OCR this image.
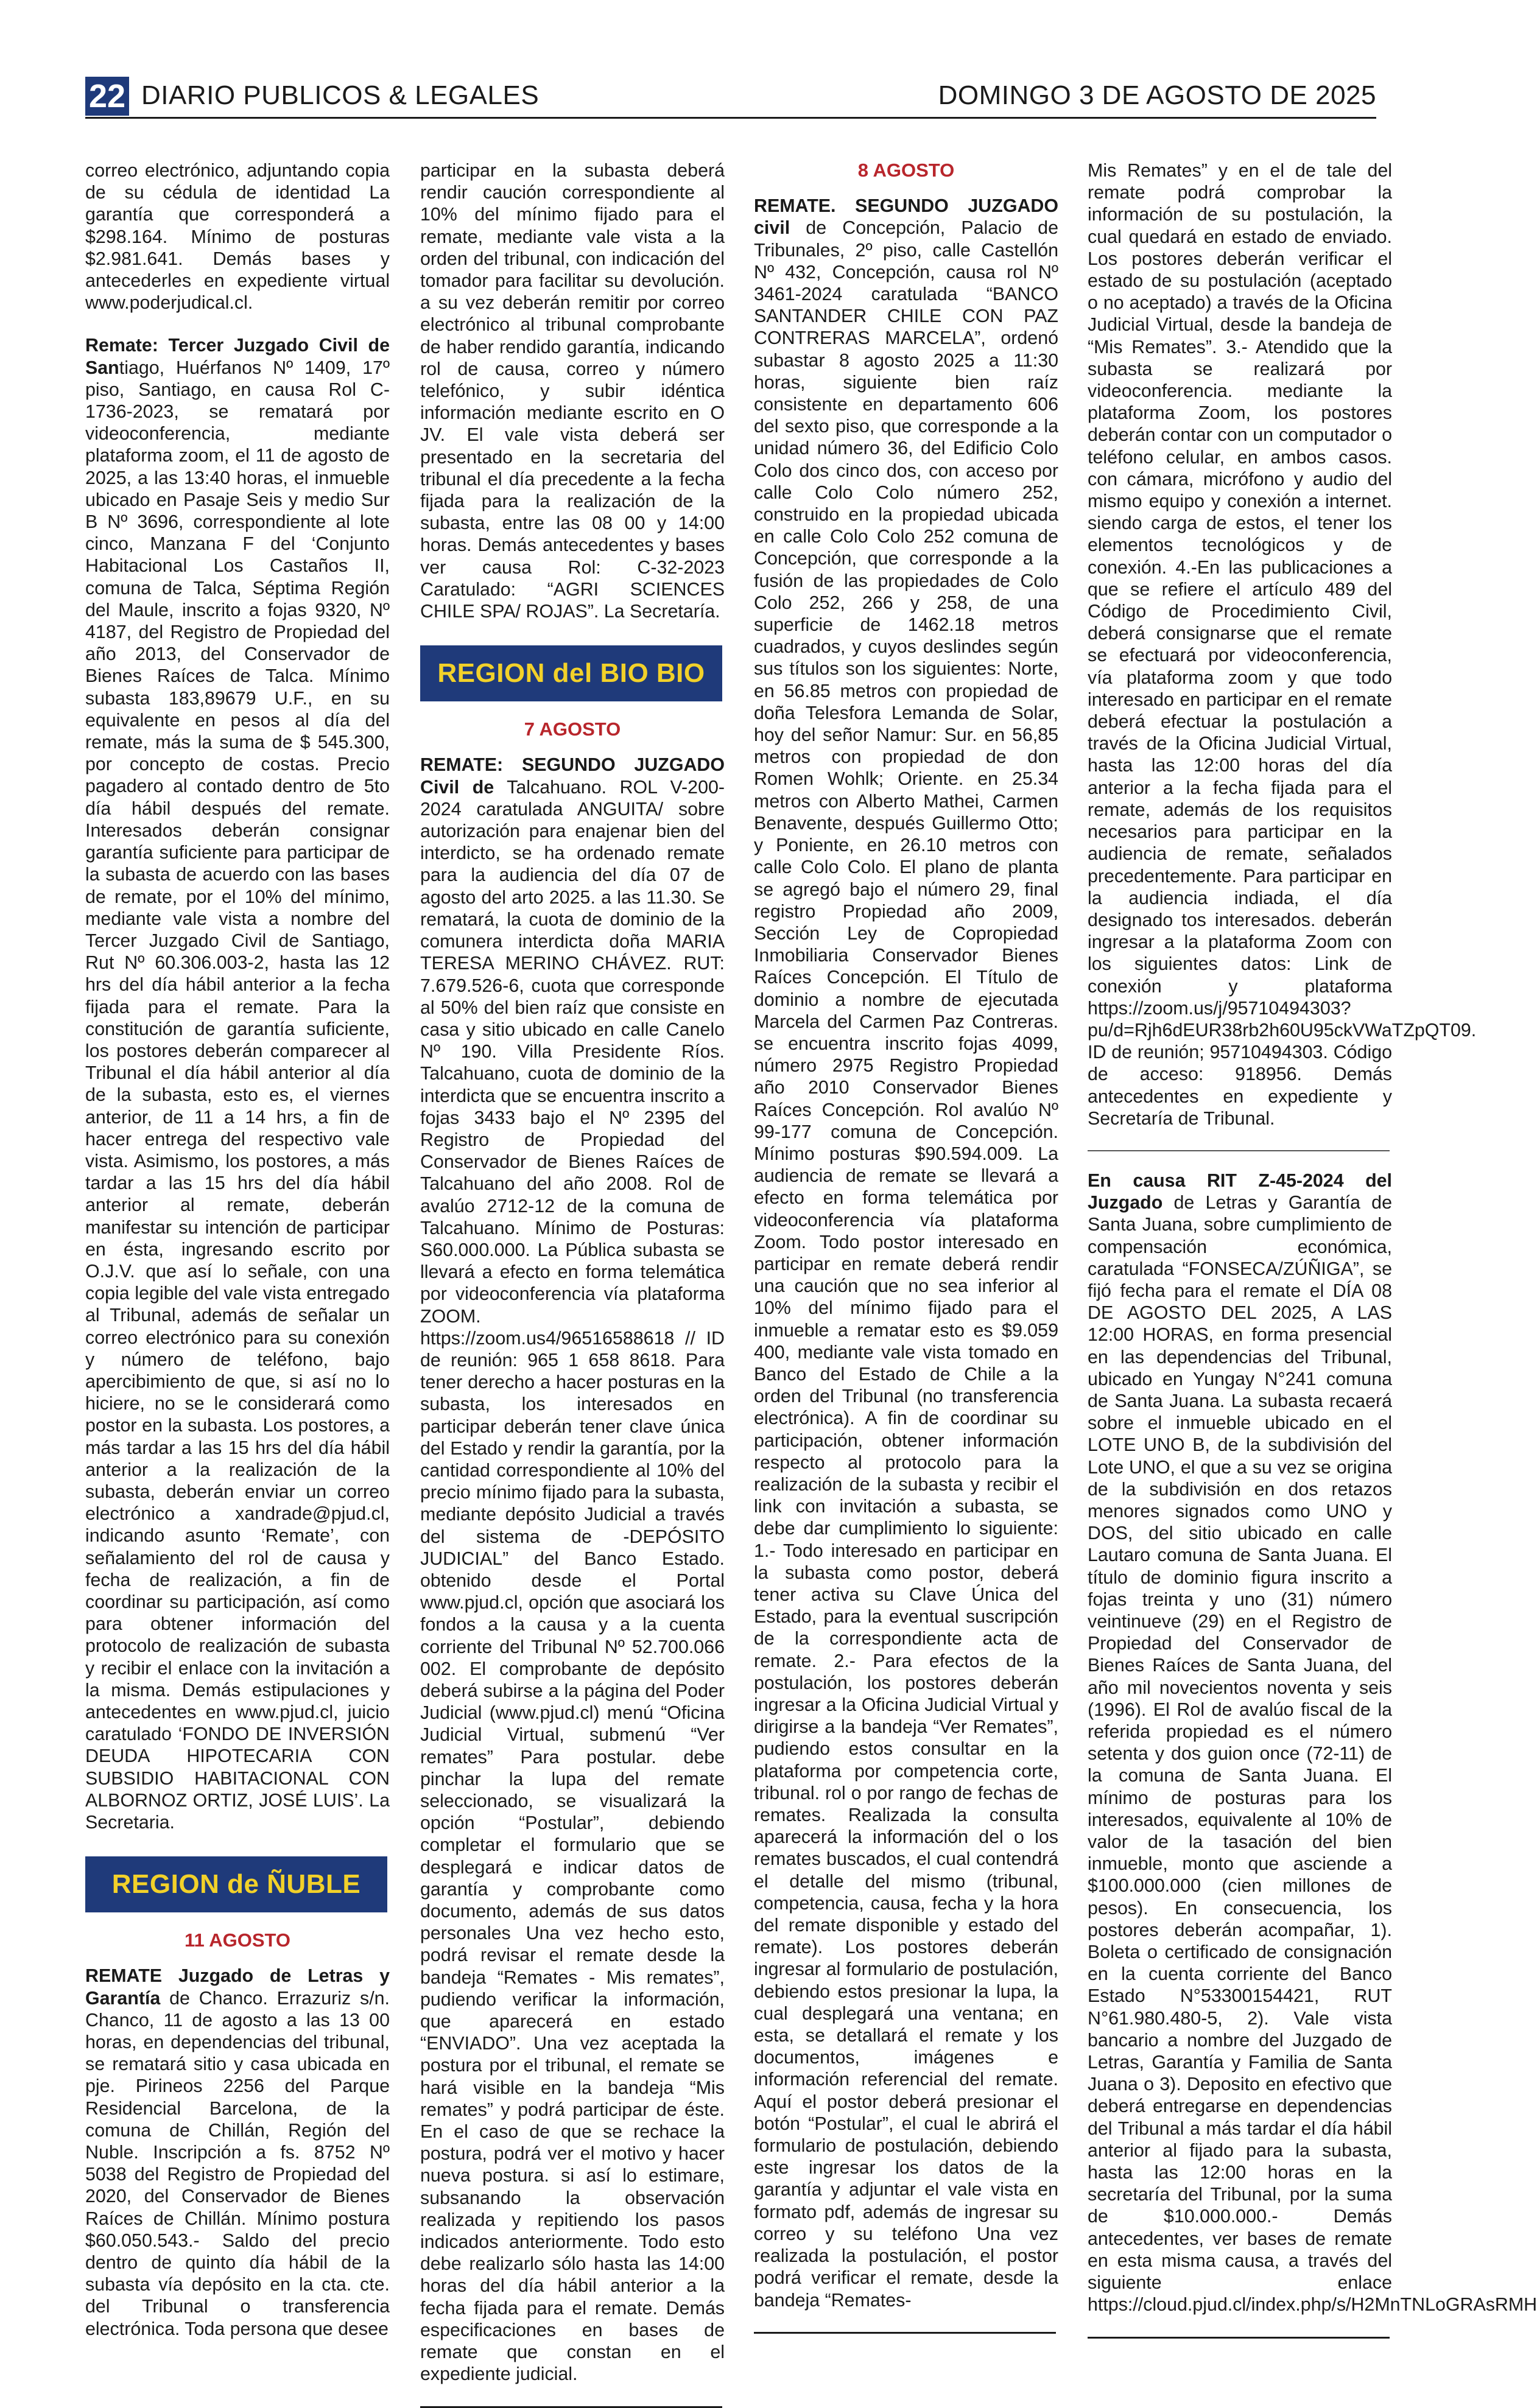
22 DIARIO PUBLICOS & LEGALES	DOMINGO 3 DE AGOSTO DE 2025

correo electrónico, adjuntando copia de su cédula de identidad La garantía que corresponderá a $298.164. Mínimo de posturas $2.981.641. Demás bases y antecederles en expediente virtual www.poderjudical.cl.

Remate: Tercer Juzgado Civil de Santiago, Huérfanos Nº 1409, 17º piso, Santiago, en causa Rol C-1736-2023, se rematará por videoconferencia, mediante plataforma zoom, el 11 de agosto de 2025, a las 13:40 horas, el inmueble ubicado en Pasaje Seis y medio Sur B Nº 3696, correspondiente al lote cinco, Manzana F del ‘Conjunto Habitacional Los Castaños II, comuna de Talca, Séptima Región del Maule, inscrito a fojas 9320, Nº 4187, del Registro de Propiedad del año 2013, del Conservador de Bienes Raíces de Talca. Mínimo subasta 183,89679 U.F., en su equivalente en pesos al día del remate, más la suma de $ 545.300, por concepto de costas. Precio pagadero al contado dentro de 5to día hábil después del remate. Interesados deberán consignar garantía suficiente para participar de la subasta de acuerdo con las bases de remate, por el 10% del mínimo, mediante vale vista a nombre del Tercer Juzgado Civil de Santiago, Rut Nº 60.306.003-2, hasta las 12 hrs del día hábil anterior a la fecha fijada para el remate. Para la constitución de garantía suficiente, los postores deberán comparecer al Tribunal el día hábil anterior al día de la subasta, esto es, el viernes anterior, de 11 a 14 hrs, a fin de hacer entrega del respectivo vale vista. Asimismo, los postores, a más tardar a las 15 hrs del día hábil anterior al remate, deberán manifestar su intención de participar en ésta, ingresando escrito por O.J.V. que así lo señale, con una copia legible del vale vista entregado al Tribunal, además de señalar un correo electrónico para su conexión y número de teléfono, bajo apercibimiento de que, si así no lo hiciere, no se le considerará como postor en la subasta. Los postores, a más tardar a las 15 hrs del día hábil anterior a la realización de la subasta, deberán enviar un correo electrónico a xandrade@pjud.cl, indicando asunto ‘Remate’, con señalamiento del rol de causa y fecha de realización, a fin de coordinar su participación, así como para obtener información del protocolo de realización de subasta y recibir el enlace con la invitación a la misma. Demás estipulaciones y antecedentes en www.pjud.cl, juicio caratulado ‘FONDO DE INVERSIÓN DEUDA HIPOTECARIA CON SUBSIDIO HABITACIONAL CON ALBORNOZ ORTIZ, JOSÉ LUIS’. La Secretaria.

REGION de ÑUBLE
11 AGOSTO

REMATE Juzgado de Letras y Garantía de Chanco. Errazuriz s/n. Chanco, 11 de agosto a las 13 00 horas, en dependencias del tribunal, se rematará sitio y casa ubicada en pje. Pirineos 2256 del Parque Residencial Barcelona, de la comuna de Chillán, Región del Nuble. Inscripción a fs. 8752 Nº 5038 del Registro de Propiedad del 2020, del Conservador de Bienes Raíces de Chillán. Mínimo postura $60.050.543.- Saldo del precio dentro de quinto día hábil de la subasta vía depósito en la cta. cte. del Tribunal o transferencia electrónica. Toda persona que desee

participar en la subasta deberá rendir caución correspondiente al 10% del mínimo fijado para el remate, mediante vale vista a la orden del tribunal, con indicación del tomador para facilitar su devolución. a su vez deberán remitir por correo electrónico al tribunal comprobante de haber rendido garantía, indicando rol de causa, correo y número telefónico, y subir idéntica información mediante escrito en O JV. El vale vista deberá ser presentado en la secretaria del tribunal el día precedente a la fecha fijada para la realización de la subasta, entre las 08 00 y 14:00 horas. Demás antecedentes y bases ver causa Rol: C-32-2023 Caratulado: “AGRI SCIENCES CHILE SPA/ ROJAS”. La Secretaría.

REGION del BIO BIO
7 AGOSTO

REMATE: SEGUNDO JUZGADO Civil de Talcahuano. ROL V-200-2024 caratulada ANGUITA/ sobre autorización para enajenar bien del interdicto, se ha ordenado remate para la audiencia del día 07 de agosto del arto 2025. a las 11.30. Se rematará, la cuota de dominio de la comunera interdicta doña MARIA TERESA MERINO CHÁVEZ. RUT: 7.679.526-6, cuota que corresponde al 50% del bien raíz que consiste en casa y sitio ubicado en calle Canelo Nº 190. Villa Presidente Ríos. Talcahuano, cuota de dominio de la interdicta que se encuentra inscrito a fojas 3433 bajo el Nº 2395 del Registro de Propiedad del Conservador de Bienes Raíces de Talcahuano del año 2008. Rol de avalúo 2712-12 de la comuna de Talcahuano. Mínimo de Posturas: S60.000.000. La Pública subasta se llevará a efecto en forma telemática por videoconferencia vía plataforma ZOOM. https://zoom.us4/96516588618 // ID de reunión: 965 1 658 8618. Para tener derecho a hacer posturas en la subasta, los interesados en participar deberán tener clave única del Estado y rendir la garantía, por la cantidad correspondiente al 10% del precio mínimo fijado para la subasta, mediante depósito Judicial a través del sistema de -DEPÓSITO JUDICIAL” del Banco Estado. obtenido desde el Portal www.pjud.cl, opción que asociará los fondos a la causa y a la cuenta corriente del Tribunal Nº 52.700.066 002. El comprobante de depósito deberá subirse a la página del Poder Judicial (www.pjud.cl) menú “Oficina Judicial Virtual, submenú “Ver remates” Para postular. debe pinchar la lupa del remate seleccionado, se visualizará la opción “Postular”, debiendo completar el formulario que se desplegará e indicar datos de garantía y comprobante como documento, además de sus datos personales Una vez hecho esto, podrá revisar el remate desde la bandeja “Remates - Mis remates”, pudiendo verificar la información, que aparecerá en estado “ENVIADO”. Una vez aceptada la postura por el tribunal, el remate se hará visible en la bandeja “Mis remates” y podrá participar de éste. En el caso de que se rechace la postura, podrá ver el motivo y hacer nueva postura. si así lo estimare, subsanando la observación realizada y repitiendo los pasos indicados anteriormente. Todo esto debe realizarlo sólo hasta las 14:00 horas del día hábil anterior a la fecha fijada para el remate. Demás especificaciones en bases de remate que constan en el expediente judicial.

8 AGOSTO

REMATE. SEGUNDO JUZGADO civil de Concepción, Palacio de Tribunales, 2º piso, calle Castellón Nº 432, Concepción, causa rol Nº 3461-2024 caratulada “BANCO SANTANDER CHILE CON PAZ CONTRERAS MARCELA”, ordenó subastar 8 agosto 2025 a 11:30 horas, siguiente bien raíz consistente en departamento 606 del sexto piso, que corresponde a la unidad número 36, del Edificio Colo Colo dos cinco dos, con acceso por calle Colo Colo número 252, construido en la propiedad ubicada en calle Colo Colo 252 comuna de Concepción, que corresponde a la fusión de las propiedades de Colo Colo 252, 266 y 258, de una superficie de 1462.18 metros cuadrados, y cuyos deslindes según sus títulos son los siguientes: Norte, en 56.85 metros con propiedad de doña Telesfora Lemanda de Solar, hoy del señor Namur: Sur. en 56,85 metros con propiedad de don Romen Wohlk; Oriente. en 25.34 metros con Alberto Mathei, Carmen Benavente, después Guillermo Otto; y Poniente, en 26.10 metros con calle Colo Colo. El plano de planta se agregó bajo el número 29, final registro Propiedad año 2009, Sección Ley de Copropiedad Inmobiliaria Conservador Bienes Raíces Concepción. El Título de dominio a nombre de ejecutada Marcela del Carmen Paz Contreras. se encuentra inscrito fojas 4099, número 2975 Registro Propiedad año 2010 Conservador Bienes Raíces Concepción. Rol avalúo Nº 99-177 comuna de Concepción. Mínimo posturas $90.594.009. La audiencia de remate se llevará a efecto en forma telemática por videoconferencia vía plataforma Zoom. Todo postor interesado en participar en remate deberá rendir una caución que no sea inferior al 10% del mínimo fijado para el inmueble a rematar esto es $9.059 400, mediante vale vista tomado en Banco del Estado de Chile a la orden del Tribunal (no transferencia electrónica). A fin de coordinar su participación, obtener información respecto al protocolo para la realización de la subasta y recibir el link con invitación a subasta, se debe dar cumplimiento lo siguiente: 1.- Todo interesado en participar en la subasta como postor, deberá tener activa su Clave Única del Estado, para la eventual suscripción de la correspondiente acta de remate. 2.- Para efectos de la postulación, los postores deberán ingresar a la Oficina Judicial Virtual y dirigirse a la bandeja “Ver Remates”, pudiendo estos consultar en la plataforma por competencia corte, tribunal. rol o por rango de fechas de remates. Realizada la consulta aparecerá la información del o los remates buscados, el cual contendrá el detalle del mismo (tribunal, competencia, causa, fecha y la hora del remate disponible y estado del remate). Los postores deberán ingresar al formulario de postulación, debiendo estos presionar la lupa, la cual desplegará una ventana; en esta, se detallará el remate y los documentos, imágenes e información referencial del remate. Aquí el postor deberá presionar el botón “Postular”, el cual le abrirá el formulario de postulación, debiendo este ingresar los datos de la garantía y adjuntar el vale vista en formato pdf, además de ingresar su correo y su teléfono Una vez realizada la postulación, el postor podrá verificar el remate, desde la bandeja “Remates-

Mis Remates” y en el de tale del remate podrá comprobar la información de su postulación, la cual quedará en estado de enviado. Los postores deberán verificar el estado de su postulación (aceptado o no aceptado) a través de la Oficina Judicial Virtual, desde la bandeja de “Mis Remates”. 3.- Atendido que la subasta se realizará por videoconferencia. mediante la plataforma Zoom, los postores deberán contar con un computador o teléfono celular, en ambos casos. con cámara, micrófono y audio del mismo equipo y conexión a internet. siendo carga de estos, el tener los elementos tecnológicos y de conexión. 4.-En las publicaciones a que se refiere el artículo 489 del Código de Procedimiento Civil, deberá consignarse que el remate se efectuará por videoconferencia, vía plataforma zoom y que todo interesado en participar en el remate deberá efectuar la postulación a través de la Oficina Judicial Virtual, hasta las 12:00 horas del día anterior a la fecha fijada para el remate, además de los requisitos necesarios para participar en la audiencia de remate, señalados precedentemente. Para participar en la audiencia indiada, el día designado tos interesados. deberán ingresar a la plataforma Zoom con los siguientes datos: Link de conexión y plataforma https://zoom.us/j/95710494303?pu/d=Rjh6dEUR38rb2h60U95ckVWaTZpQT09. ID de reunión; 95710494303. Código de acceso: 918956. Demás antecedentes en expediente y Secretaría de Tribunal.

En causa RIT Z-45-2024 del Juzgado de Letras y Garantía de Santa Juana, sobre cumplimiento de compensación económica, caratulada “FONSECA/ZÚÑIGA”, se fijó fecha para el remate el DÍA 08 DE AGOSTO DEL 2025, A LAS 12:00 HORAS, en forma presencial en las dependencias del Tribunal, ubicado en Yungay N°241 comuna de Santa Juana. La subasta recaerá sobre el inmueble ubicado en el LOTE UNO B, de la subdivisión del Lote UNO, el que a su vez se origina de la subdivisión en dos retazos menores signados como UNO y DOS, del sitio ubicado en calle Lautaro comuna de Santa Juana. El título de dominio figura inscrito a fojas treinta y uno (31) número veintinueve (29) en el Registro de Propiedad del Conservador de Bienes Raíces de Santa Juana, del año mil novecientos noventa y seis (1996). El Rol de avalúo fiscal de la referida propiedad es el número setenta y dos guion once (72-11) de la comuna de Santa Juana. El mínimo de posturas para los interesados, equivalente al 10% de valor de la tasación del bien inmueble, monto que asciende a $100.000.000 (cien millones de pesos). En consecuencia, los postores deberán acompañar, 1). Boleta o certificado de consignación en la cuenta corriente del Banco Estado N°53300154421, RUT N°61.980.480-5, 2). Vale vista bancario a nombre del Juzgado de Letras, Garantía y Familia de Santa Juana o 3). Deposito en efectivo que deberá entregarse en dependencias del Tribunal a más tardar el día hábil anterior al fijado para la subasta, hasta las 12:00 horas en la secretaría del Tribunal, por la suma de $10.000.000.- Demás antecedentes, ver bases de remate en esta misma causa, a través del siguiente enlace https://cloud.pjud.cl/index.php/s/H2MnTNLoGRAsRMH
